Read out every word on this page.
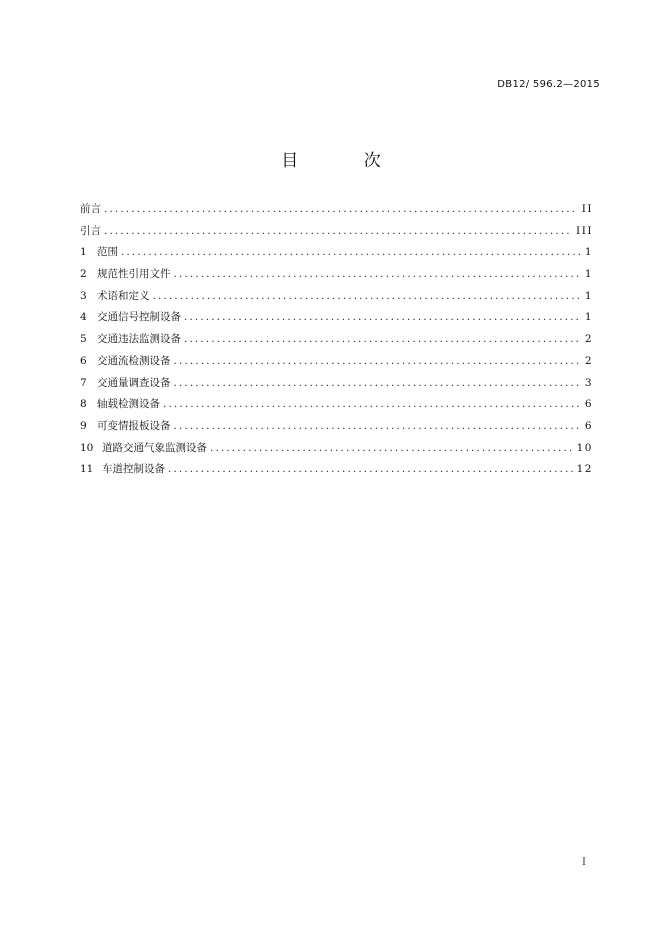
DB12/ 596.2—2015
目 次
前言 .....	II
引言 .....	III
1 范围 .....	1
2 规范性引用文件 .....	1
3 术语和定义 .....	1
4 交通信号控制设备 .....	1
5 交通违法监测设备 .....	2
6 交通流检测设备 .....	2
7 交通量调查设备 .....	3
8 轴载检测设备 .....	6
9 可变情报板设备 .....	6
10 道路交通气象监测设备 .....	10
11 车道控制设备 .....	12
I
